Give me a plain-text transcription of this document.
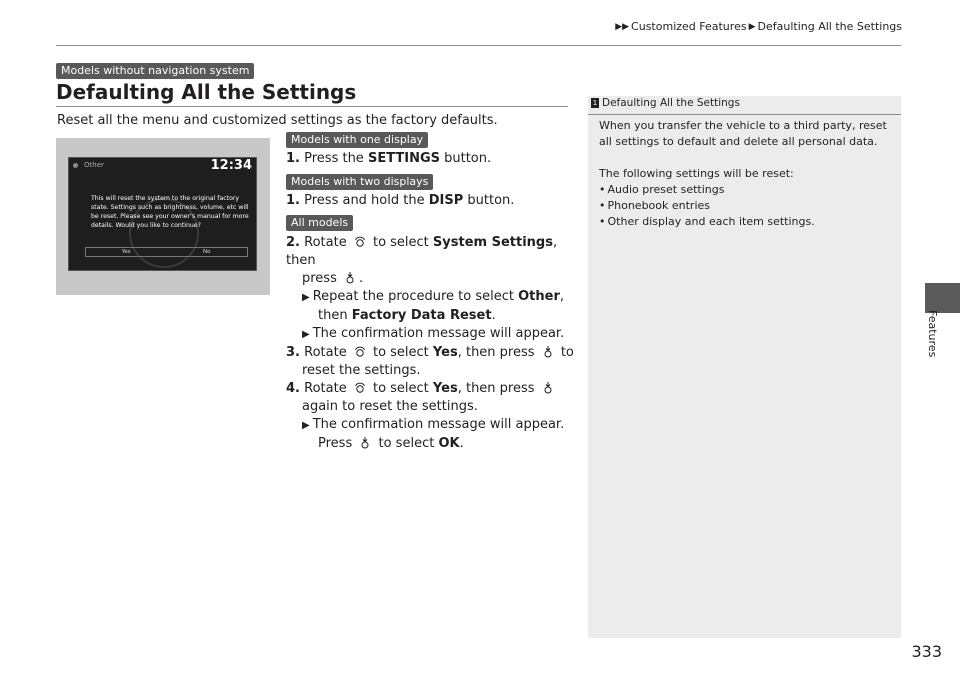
▶▶ Customized Features ▶ Defaulting All the Settings
Features
Models without navigation system
Defaulting All the Settings
Reset all the menu and customized settings as the factory defaults.
Other	12:34
This will reset the system to the original factory state. Settings such as brightness, volume, etc will be reset. Please see your owner's manual for more details. Would you like to continue?
Yes	No
Models with one display
1. Press the SETTINGS button.
Models with two displays
1. Press and hold the DISP button.
All models
2. Rotate to select System Settings, then
press .
▶ Repeat the procedure to select Other,
then Factory Data Reset.
▶ The confirmation message will appear.
3. Rotate to select Yes, then press to
reset the settings.
4. Rotate to select Yes, then press
again to reset the settings.
▶ The confirmation message will appear.
Press to select OK.
1 Defaulting All the Settings

When you transfer the vehicle to a third party, reset all settings to default and delete all personal data.

The following settings will be reset:

• Audio preset settings
• Phonebook entries
• Other display and each item settings.
333
